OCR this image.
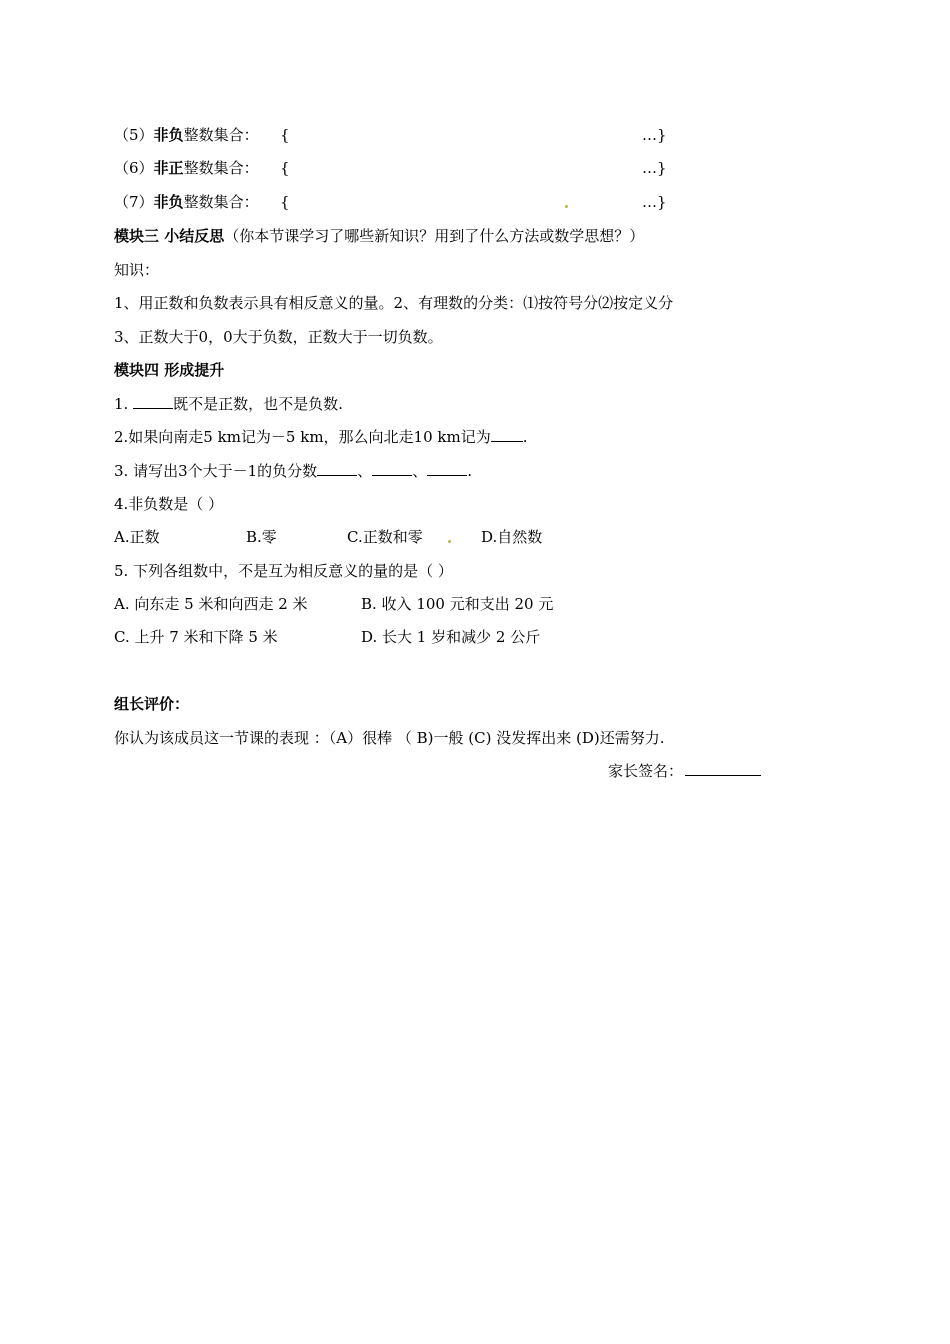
（5）非负整数集合： {	…}
（6）非正整数集合： {	…}
（7）非负整数集合： {	…}
模块三 小结反思（你本节课学习了哪些新知识？用到了什么方法或数学思想？）
知识：
1、用正数和负数表示具有相反意义的量。2、有理数的分类：⑴按符号分⑵按定义分
3、正数大于0，0大于负数，正数大于一切负数。
模块四 形成提升
1.	既不是正数，也不是负数.
2.如果向南走5 km记为－5 km，那么向北走10 km记为 .
3. 请写出3个大于－1的负分数	、	、	.
4.非负数是（ ）
A.正数	B.零	C.正数和零	D.自然数
5. 下列各组数中，不是互为相反意义的量的是（ ）
A. 向东走 5 米和向西走 2 米	B. 收入 100 元和支出 20 元
C. 上升 7 米和下降 5 米	D. 长大 1 岁和减少 2 公斤
组长评价：
你认为该成员这一节课的表现 ：（A）很棒 （ B)一般 (C) 没发挥出来 (D)还需努力.
家长签名：
